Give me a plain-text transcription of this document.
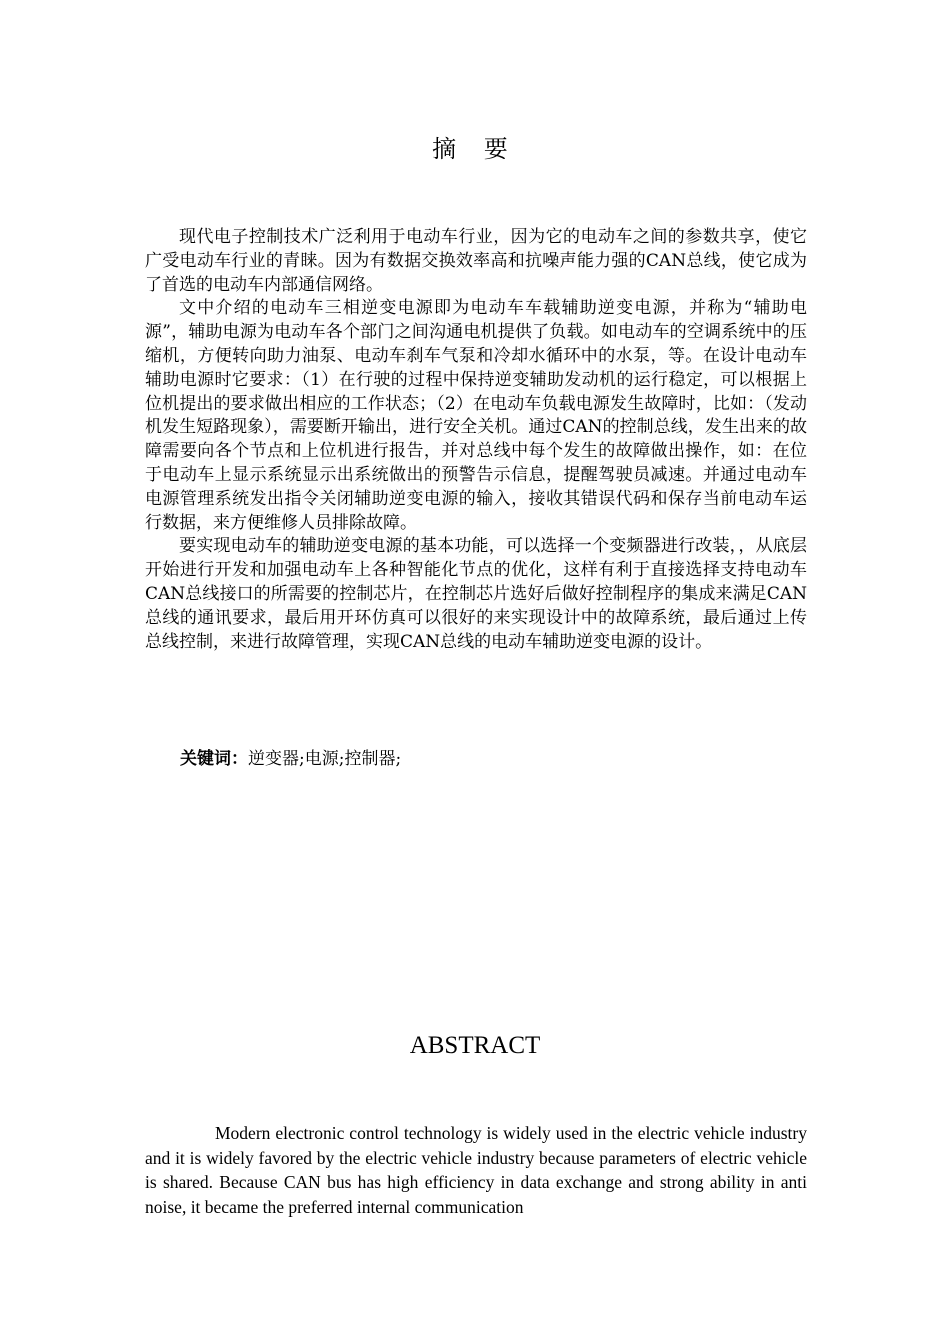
摘 要

现代电子控制技术广泛利用于电动车行业，因为它的电动车之间的参数共享，使它广受电动车行业的青睐。因为有数据交换效率高和抗噪声能力强的CAN总线，使它成为了首选的电动车内部通信网络。

文中介绍的电动车三相逆变电源即为电动车车载辅助逆变电源，并称为“辅助电源”，辅助电源为电动车各个部门之间沟通电机提供了负载。如电动车的空调系统中的压缩机，方便转向助力油泵、电动车刹车气泵和冷却水循环中的水泵，等。在设计电动车辅助电源时它要求：（1）在行驶的过程中保持逆变辅助发动机的运行稳定，可以根据上位机提出的要求做出相应的工作状态；（2）在电动车负载电源发生故障时，比如：（发动机发生短路现象），需要断开输出，进行安全关机。通过CAN的控制总线，发生出来的故障需要向各个节点和上位机进行报告，并对总线中每个发生的故障做出操作，如：在位于电动车上显示系统显示出系统做出的预警告示信息，提醒驾驶员减速。并通过电动车电源管理系统发出指令关闭辅助逆变电源的输入，接收其错误代码和保存当前电动车运行数据，来方便维修人员排除故障。

要实现电动车的辅助逆变电源的基本功能，可以选择一个变频器进行改装，，从底层开始进行开发和加强电动车上各种智能化节点的优化，这样有利于直接选择支持电动车CAN总线接口的所需要的控制芯片，在控制芯片选好后做好控制程序的集成来满足CAN总线的通讯要求，最后用开环仿真可以很好的来实现设计中的故障系统，最后通过上传总线控制，来进行故障管理，实现CAN总线的电动车辅助逆变电源的设计。

关键词：逆变器;电源;控制器;
ABSTRACT

Modern electronic control technology is widely used in the electric vehicle industry and it is widely favored by the electric vehicle industry because parameters of electric vehicle is shared. Because CAN bus has high efficiency in data exchange and strong ability in anti noise, it became the preferred internal communication
